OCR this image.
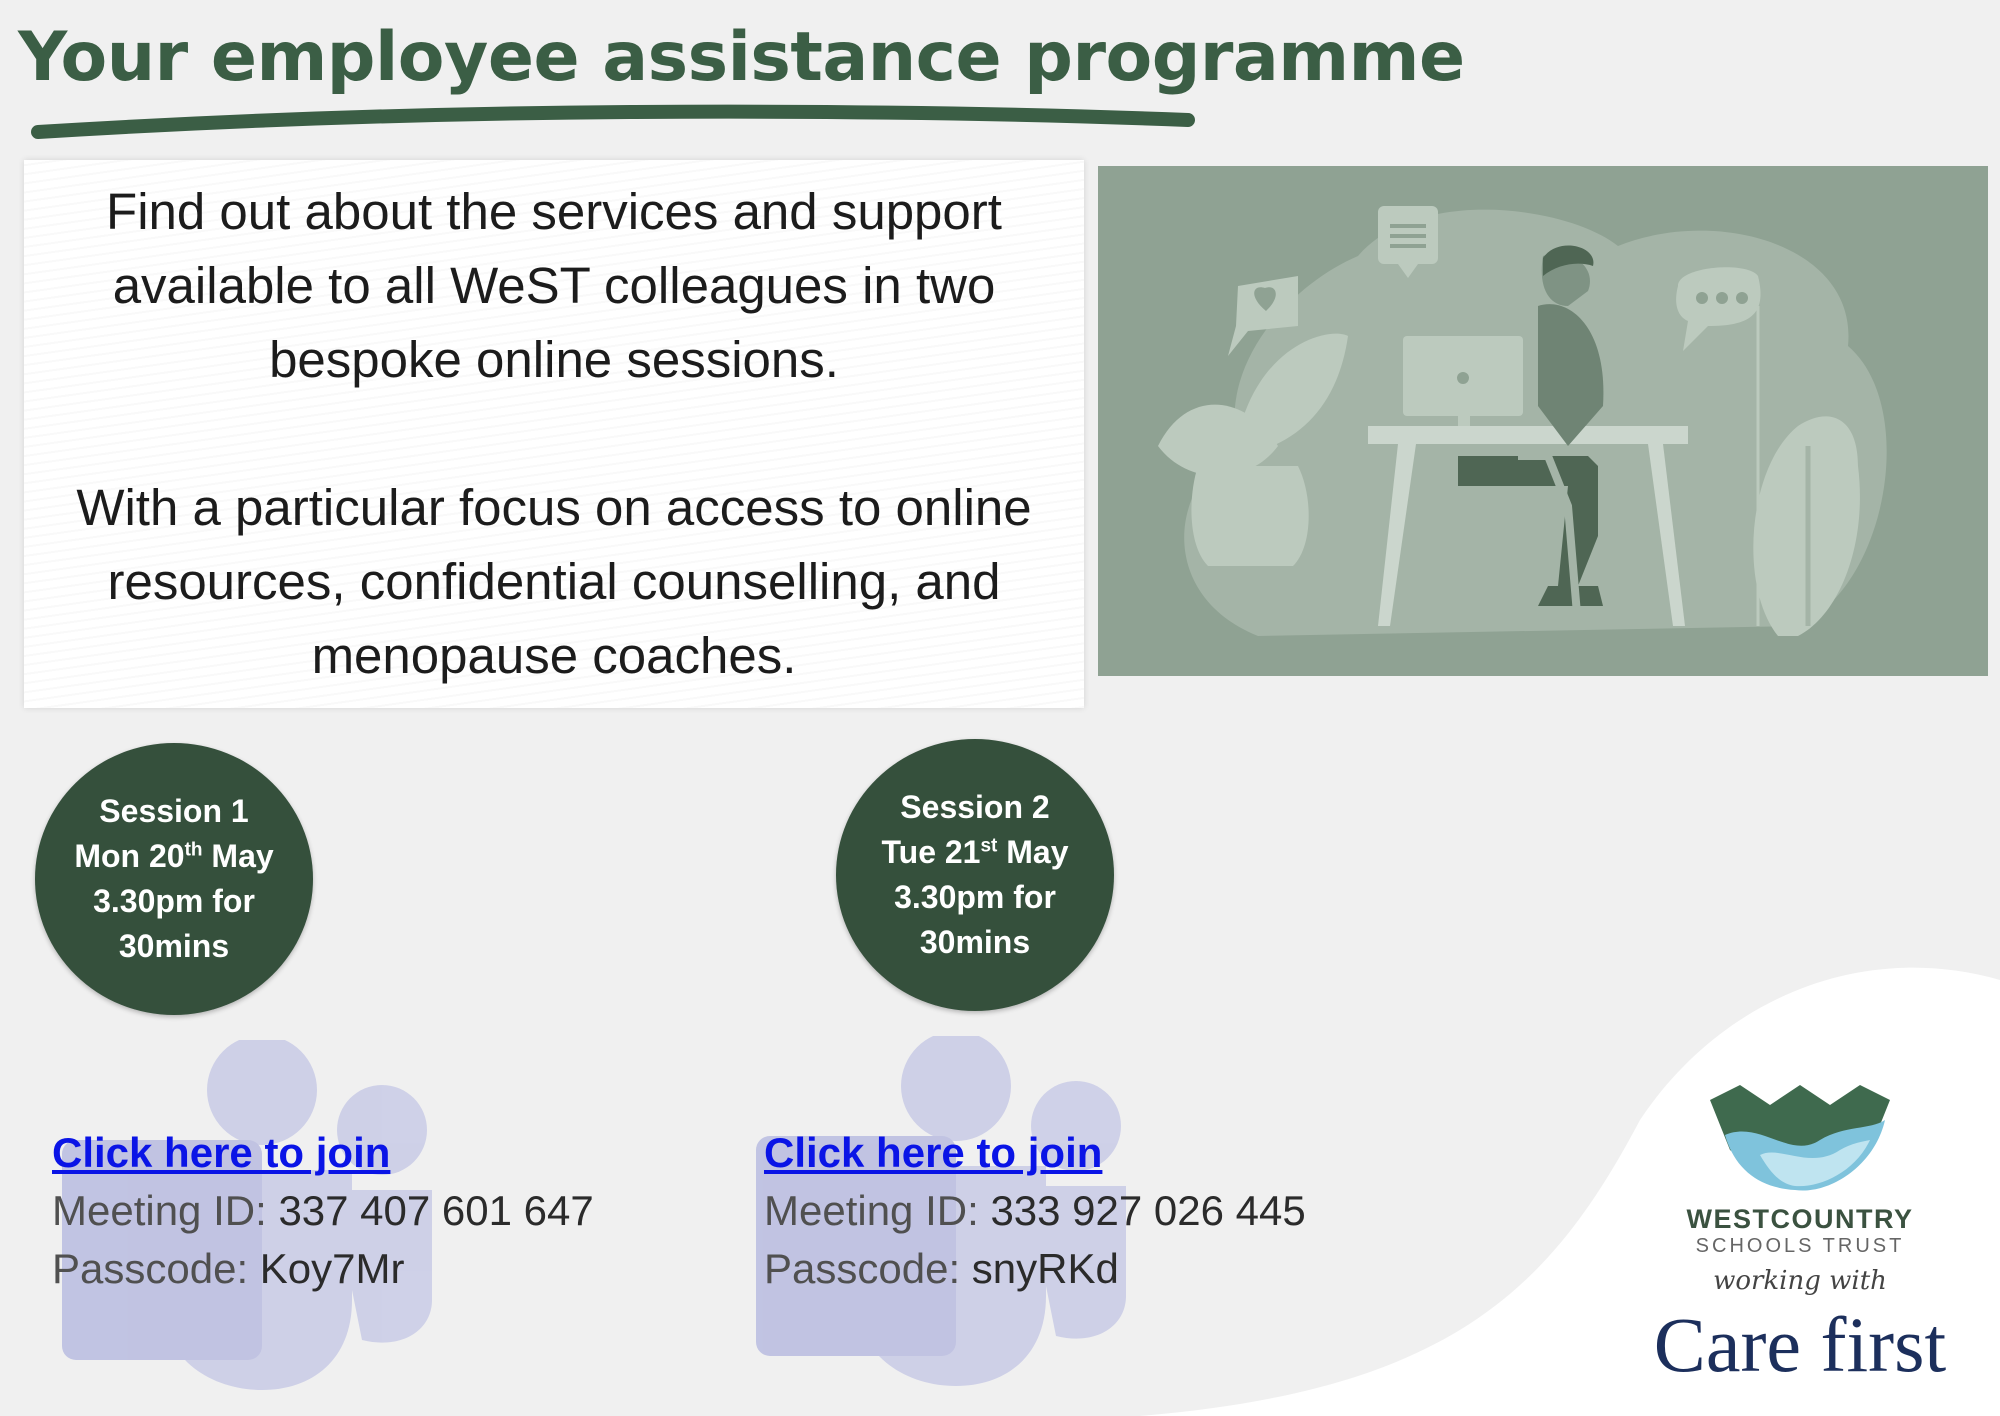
Your employee assistance programme

Find out about the services and support available to all WeST colleagues in two bespoke online sessions.

With a particular focus on access to online resources, confidential counselling, and menopause coaches.

Session 1
Mon 20th May
3.30pm for
30mins
Session 2
Tue 21st May
3.30pm for
30mins
Click here to join
Meeting ID: 337 407 601 647
Passcode: Koy7Mr
Click here to join
Meeting ID: 333 927 026 445
Passcode: snyRKd
WESTCOUNTRY
SCHOOLS TRUST
working with
Care first
